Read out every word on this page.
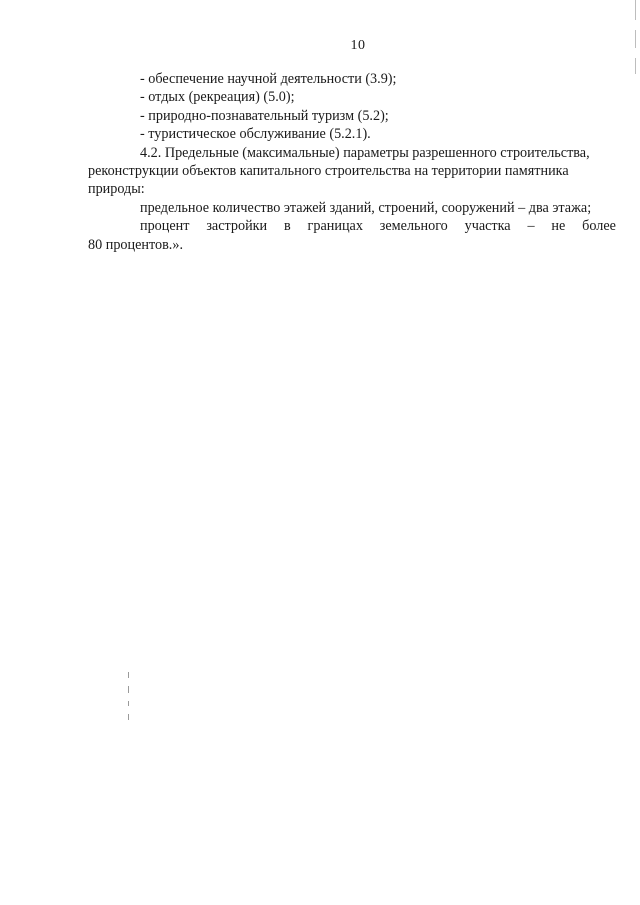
10
- обеспечение научной деятельности (3.9);
- отдых (рекреация) (5.0);
- природно-познавательный туризм (5.2);
- туристическое обслуживание (5.2.1).
4.2. Предельные (максимальные) параметры разрешенного строительства,
реконструкции объектов капитального строительства на территории памятника
природы:
предельное количество этажей зданий, строений, сооружений – два этажа;
процент застройки в границах земельного участка – не более
80 процентов.».
